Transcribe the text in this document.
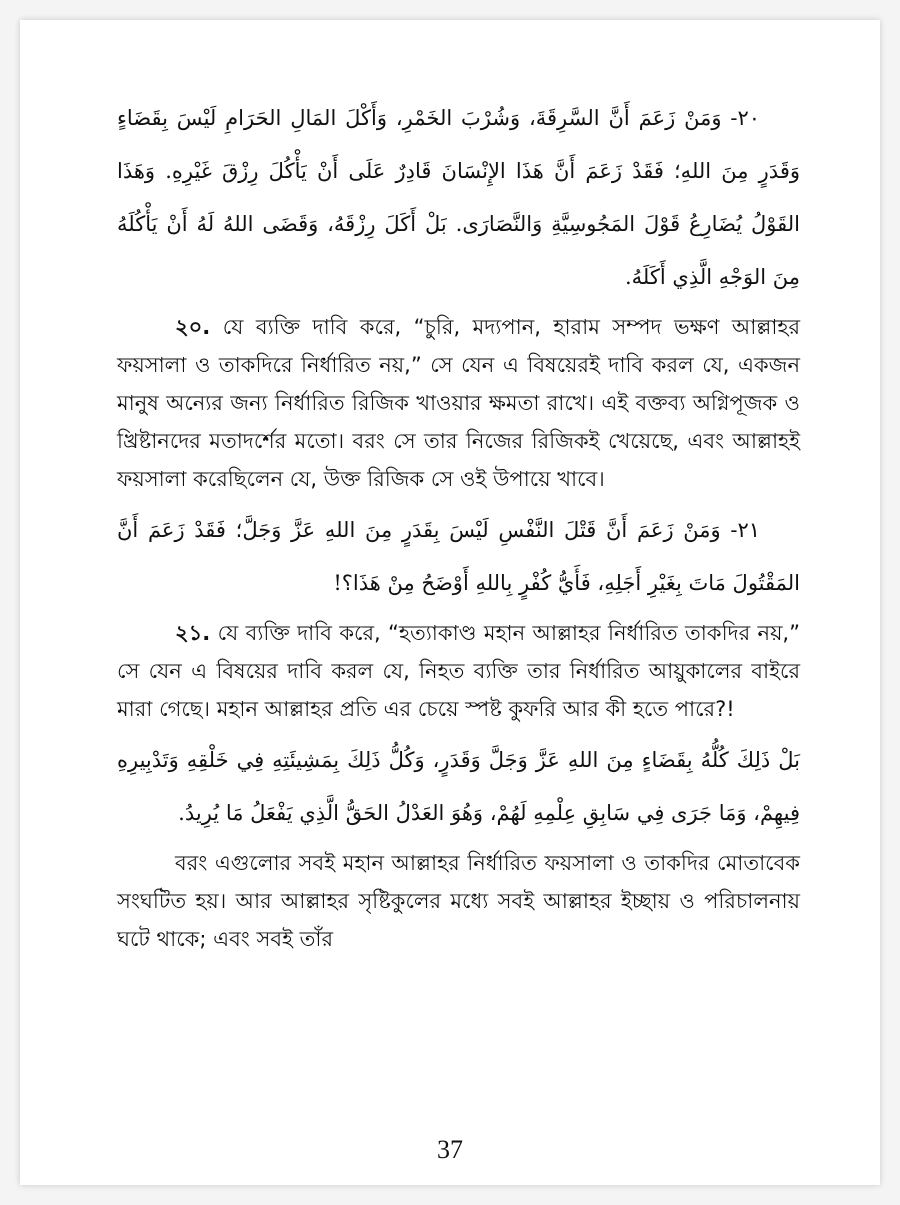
٢٠- وَمَنْ زَعَمَ أَنَّ السَّرِقَةَ، وَشُرْبَ الخَمْرِ، وَأَكْلَ المَالِ الحَرَامِ لَيْسَ بِقَضَاءٍ وَقَدَرٍ مِنَ اللهِ؛ فَقَدْ زَعَمَ أَنَّ هَذَا الإِنْسَانَ قَادِرٌ عَلَى أَنْ يَأْكُلَ رِزْقَ غَيْرِهِ. وَهَذَا القَوْلُ يُضَارِعُ قَوْلَ المَجُوسِيَّةِ وَالنَّصَارَى. بَلْ أَكَلَ رِزْقَهُ، وَقَضَى اللهُ لَهُ أَنْ يَأْكُلَهُ مِنَ الوَجْهِ الَّذِي أَكَلَهُ.

২০. যে ব্যক্তি দাবি করে, “চুরি, মদ্যপান, হারাম সম্পদ ভক্ষণ আল্লাহর ফয়সালা ও তাকদিরে নির্ধারিত নয়,” সে যেন এ বিষয়েরই দাবি করল যে, একজন মানুষ অন্যের জন্য নির্ধারিত রিজিক খাওয়ার ক্ষমতা রাখে। এই বক্তব্য অগ্নিপূজক ও খ্রিষ্টানদের মতাদর্শের মতো। বরং সে তার নিজের রিজিকই খেয়েছে, এবং আল্লাহই ফয়সালা করেছিলেন যে, উক্ত রিজিক সে ওই উপায়ে খাবে।

٢١- وَمَنْ زَعَمَ أَنَّ قَتْلَ النَّفْسِ لَيْسَ بِقَدَرٍ مِنَ اللهِ عَزَّ وَجَلَّ؛ فَقَدْ زَعَمَ أَنَّ المَقْتُولَ مَاتَ بِغَيْرِ أَجَلِهِ، فَأَيُّ كُفْرٍ بِاللهِ أَوْضَحُ مِنْ هَذَا؟!

২১. যে ব্যক্তি দাবি করে, “হত্যাকাণ্ড মহান আল্লাহর নির্ধারিত তাকদির নয়,” সে যেন এ বিষয়ের দাবি করল যে, নিহত ব্যক্তি তার নির্ধারিত আয়ুকালের বাইরে মারা গেছে। মহান আল্লাহর প্রতি এর চেয়ে স্পষ্ট কুফরি আর কী হতে পারে?!

بَلْ ذَلِكَ كُلُّهُ بِقَضَاءٍ مِنَ اللهِ عَزَّ وَجَلَّ وَقَدَرٍ، وَكُلُّ ذَلِكَ بِمَشِيئَتِهِ فِي خَلْقِهِ وَتَدْبِيرِهِ فِيهِمْ، وَمَا جَرَى فِي سَابِقِ عِلْمِهِ لَهُمْ، وَهُوَ العَدْلُ الحَقُّ الَّذِي يَفْعَلُ مَا يُرِيدُ.

বরং এগুলোর সবই মহান আল্লাহর নির্ধারিত ফয়সালা ও তাকদির মোতাবেক সংঘটিত হয়। আর আল্লাহর সৃষ্টিকুলের মধ্যে সবই আল্লাহর ইচ্ছায় ও পরিচালনায় ঘটে থাকে; এবং সবই তাঁর

37
